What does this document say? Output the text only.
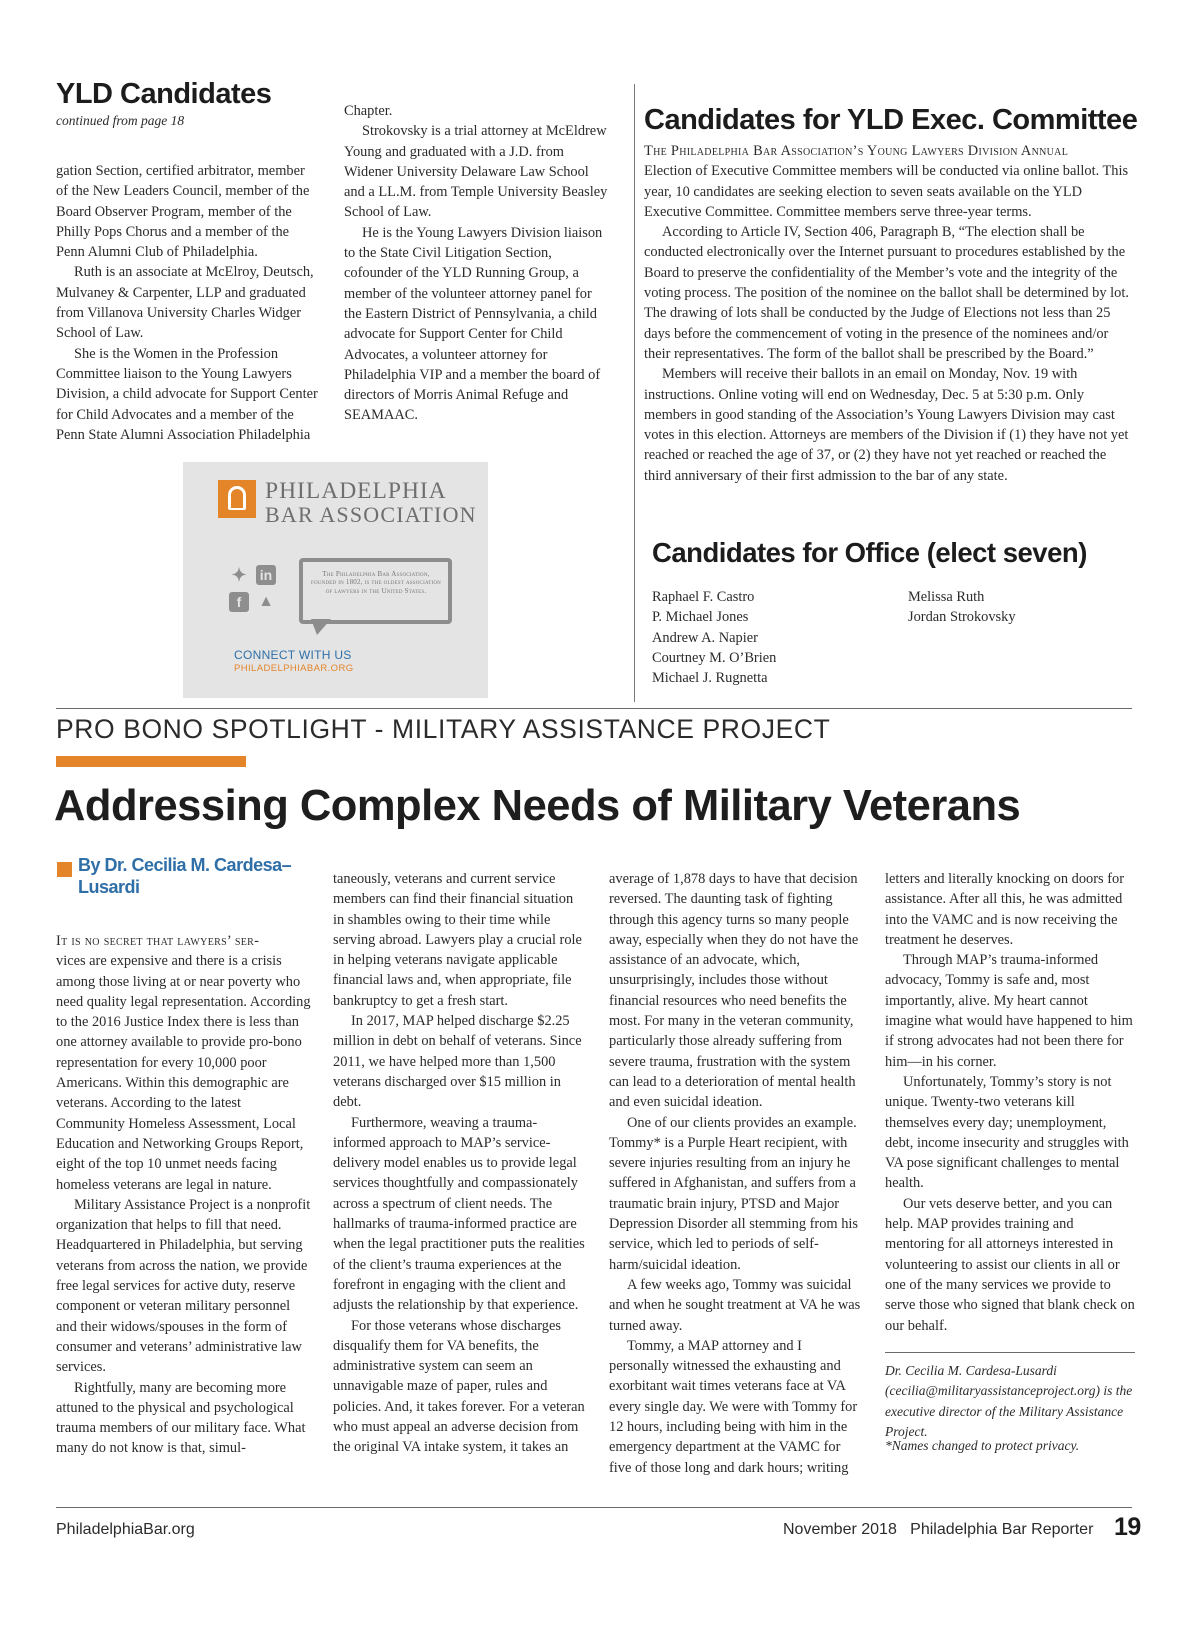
YLD Candidates
continued from page 18

gation Section, certified arbitrator, member of the New Leaders Council, member of the Board Observer Program, member of the Philly Pops Chorus and a member of the Penn Alumni Club of Philadelphia.

Ruth is an associate at McElroy, Deutsch, Mulvaney & Carpenter, LLP and graduated from Villanova University Charles Widger School of Law.

She is the Women in the Profession Committee liaison to the Young Lawyers Division, a child advocate for Support Center for Child Advocates and a member of the Penn State Alumni Association Philadelphia

Chapter.

Strokovsky is a trial attorney at McEldrew Young and graduated with a J.D. from Widener University Delaware Law School and a LL.M. from Temple University Beasley School of Law.

He is the Young Lawyers Division liaison to the State Civil Litigation Section, cofounder of the YLD Running Group, a member of the volunteer attorney panel for the Eastern District of Pennsylvania, a child advocate for Support Center for Child Advocates, a volunteer attorney for Philadelphia VIP and a member the board of directors of Morris Animal Refuge and SEAMAAC.

Candidates for YLD Exec. Committee

The Philadelphia Bar Association’s Young Lawyers Division Annual

Election of Executive Committee members will be conducted via online ballot. This year, 10 candidates are seeking election to seven seats available on the YLD Executive Committee. Committee members serve three-year terms.

According to Article IV, Section 406, Paragraph B, “The election shall be conducted electronically over the Internet pursuant to procedures established by the Board to preserve the confidentiality of the Member’s vote and the integrity of the voting process. The position of the nominee on the ballot shall be determined by lot. The drawing of lots shall be conducted by the Judge of Elections not less than 25 days before the commencement of voting in the presence of the nominees and/or their representatives. The form of the ballot shall be prescribed by the Board.”

Members will receive their ballots in an email on Monday, Nov. 19 with instructions. Online voting will end on Wednesday, Dec. 5 at 5:30 p.m. Only members in good standing of the Association’s Young Lawyers Division may cast votes in this election. Attorneys are members of the Division if (1) they have not yet reached or reached the age of 37, or (2) they have not yet reached or reached the third anniversary of their first admission to the bar of any state.

Candidates for Office (elect seven)
Raphael F. Castro
P. Michael Jones
Andrew A. Napier
Courtney M. O’Brien
Michael J. Rugnetta
Melissa Ruth
Jordan Strokovsky
PHILADELPHIA
BAR ASSOCIATION
✦ in
f	▲
The Philadelphia Bar Association, founded in 1802, is the oldest association of lawyers in the United States.
CONNECT WITH US
PHILADELPHIABAR.ORG
PRO BONO SPOTLIGHT - MILITARY ASSISTANCE PROJECT
Addressing Complex Needs of Military Veterans
By Dr. Cecilia M. Cardesa–Lusardi

It is no secret that lawyers’ ser-

vices are expensive and there is a crisis among those living at or near poverty who need quality legal representation. According to the 2016 Justice Index there is less than one attorney available to provide pro-bono representation for every 10,000 poor Americans. Within this demographic are veterans. According to the latest Community Homeless Assessment, Local Education and Networking Groups Report, eight of the top 10 unmet needs facing homeless veterans are legal in nature.

Military Assistance Project is a nonprofit organization that helps to fill that need. Headquartered in Philadelphia, but serving veterans from across the nation, we provide free legal services for active duty, reserve component or veteran military personnel and their widows/spouses in the form of consumer and veterans’ administrative law services.

Rightfully, many are becoming more attuned to the physical and psychological trauma members of our military face. What many do not know is that, simul-

taneously, veterans and current service members can find their financial situation in shambles owing to their time while serving abroad. Lawyers play a crucial role in helping veterans navigate applicable financial laws and, when appropriate, file bankruptcy to get a fresh start.

In 2017, MAP helped discharge $2.25 million in debt on behalf of veterans. Since 2011, we have helped more than 1,500 veterans discharged over $15 million in debt.

Furthermore, weaving a trauma-informed approach to MAP’s service-delivery model enables us to provide legal services thoughtfully and compassionately across a spectrum of client needs. The hallmarks of trauma-informed practice are when the legal practitioner puts the realities of the client’s trauma experiences at the forefront in engaging with the client and adjusts the relationship by that experience.

For those veterans whose discharges disqualify them for VA benefits, the administrative system can seem an unnavigable maze of paper, rules and policies. And, it takes forever. For a veteran who must appeal an adverse decision from the original VA intake system, it takes an

average of 1,878 days to have that decision reversed. The daunting task of fighting through this agency turns so many people away, especially when they do not have the assistance of an advocate, which, unsurprisingly, includes those without financial resources who need benefits the most. For many in the veteran community, particularly those already suffering from severe trauma, frustration with the system can lead to a deterioration of mental health and even suicidal ideation.

One of our clients provides an example. Tommy* is a Purple Heart recipient, with severe injuries resulting from an injury he suffered in Afghanistan, and suffers from a traumatic brain injury, PTSD and Major Depression Disorder all stemming from his service, which led to periods of self-harm/suicidal ideation.

A few weeks ago, Tommy was suicidal and when he sought treatment at VA he was turned away.

Tommy, a MAP attorney and I personally witnessed the exhausting and exorbitant wait times veterans face at VA every single day. We were with Tommy for 12 hours, including being with him in the emergency department at the VAMC for five of those long and dark hours; writing

letters and literally knocking on doors for assistance. After all this, he was admitted into the VAMC and is now receiving the treatment he deserves.

Through MAP’s trauma-informed advocacy, Tommy is safe and, most importantly, alive. My heart cannot imagine what would have happened to him if strong advocates had not been there for him—in his corner.

Unfortunately, Tommy’s story is not unique. Twenty-two veterans kill themselves every day; unemployment, debt, income insecurity and struggles with VA pose significant challenges to mental health.

Our vets deserve better, and you can help. MAP provides training and mentoring for all attorneys interested in volunteering to assist our clients in all or one of the many services we provide to serve those who signed that blank check on our behalf.

Dr. Cecilia M. Cardesa-Lusardi (cecilia@militaryassistanceproject.org) is the executive director of the Military Assistance Project.
*Names changed to protect privacy.
PhiladelphiaBar.org	November 2018   Philadelphia Bar Reporter 19
